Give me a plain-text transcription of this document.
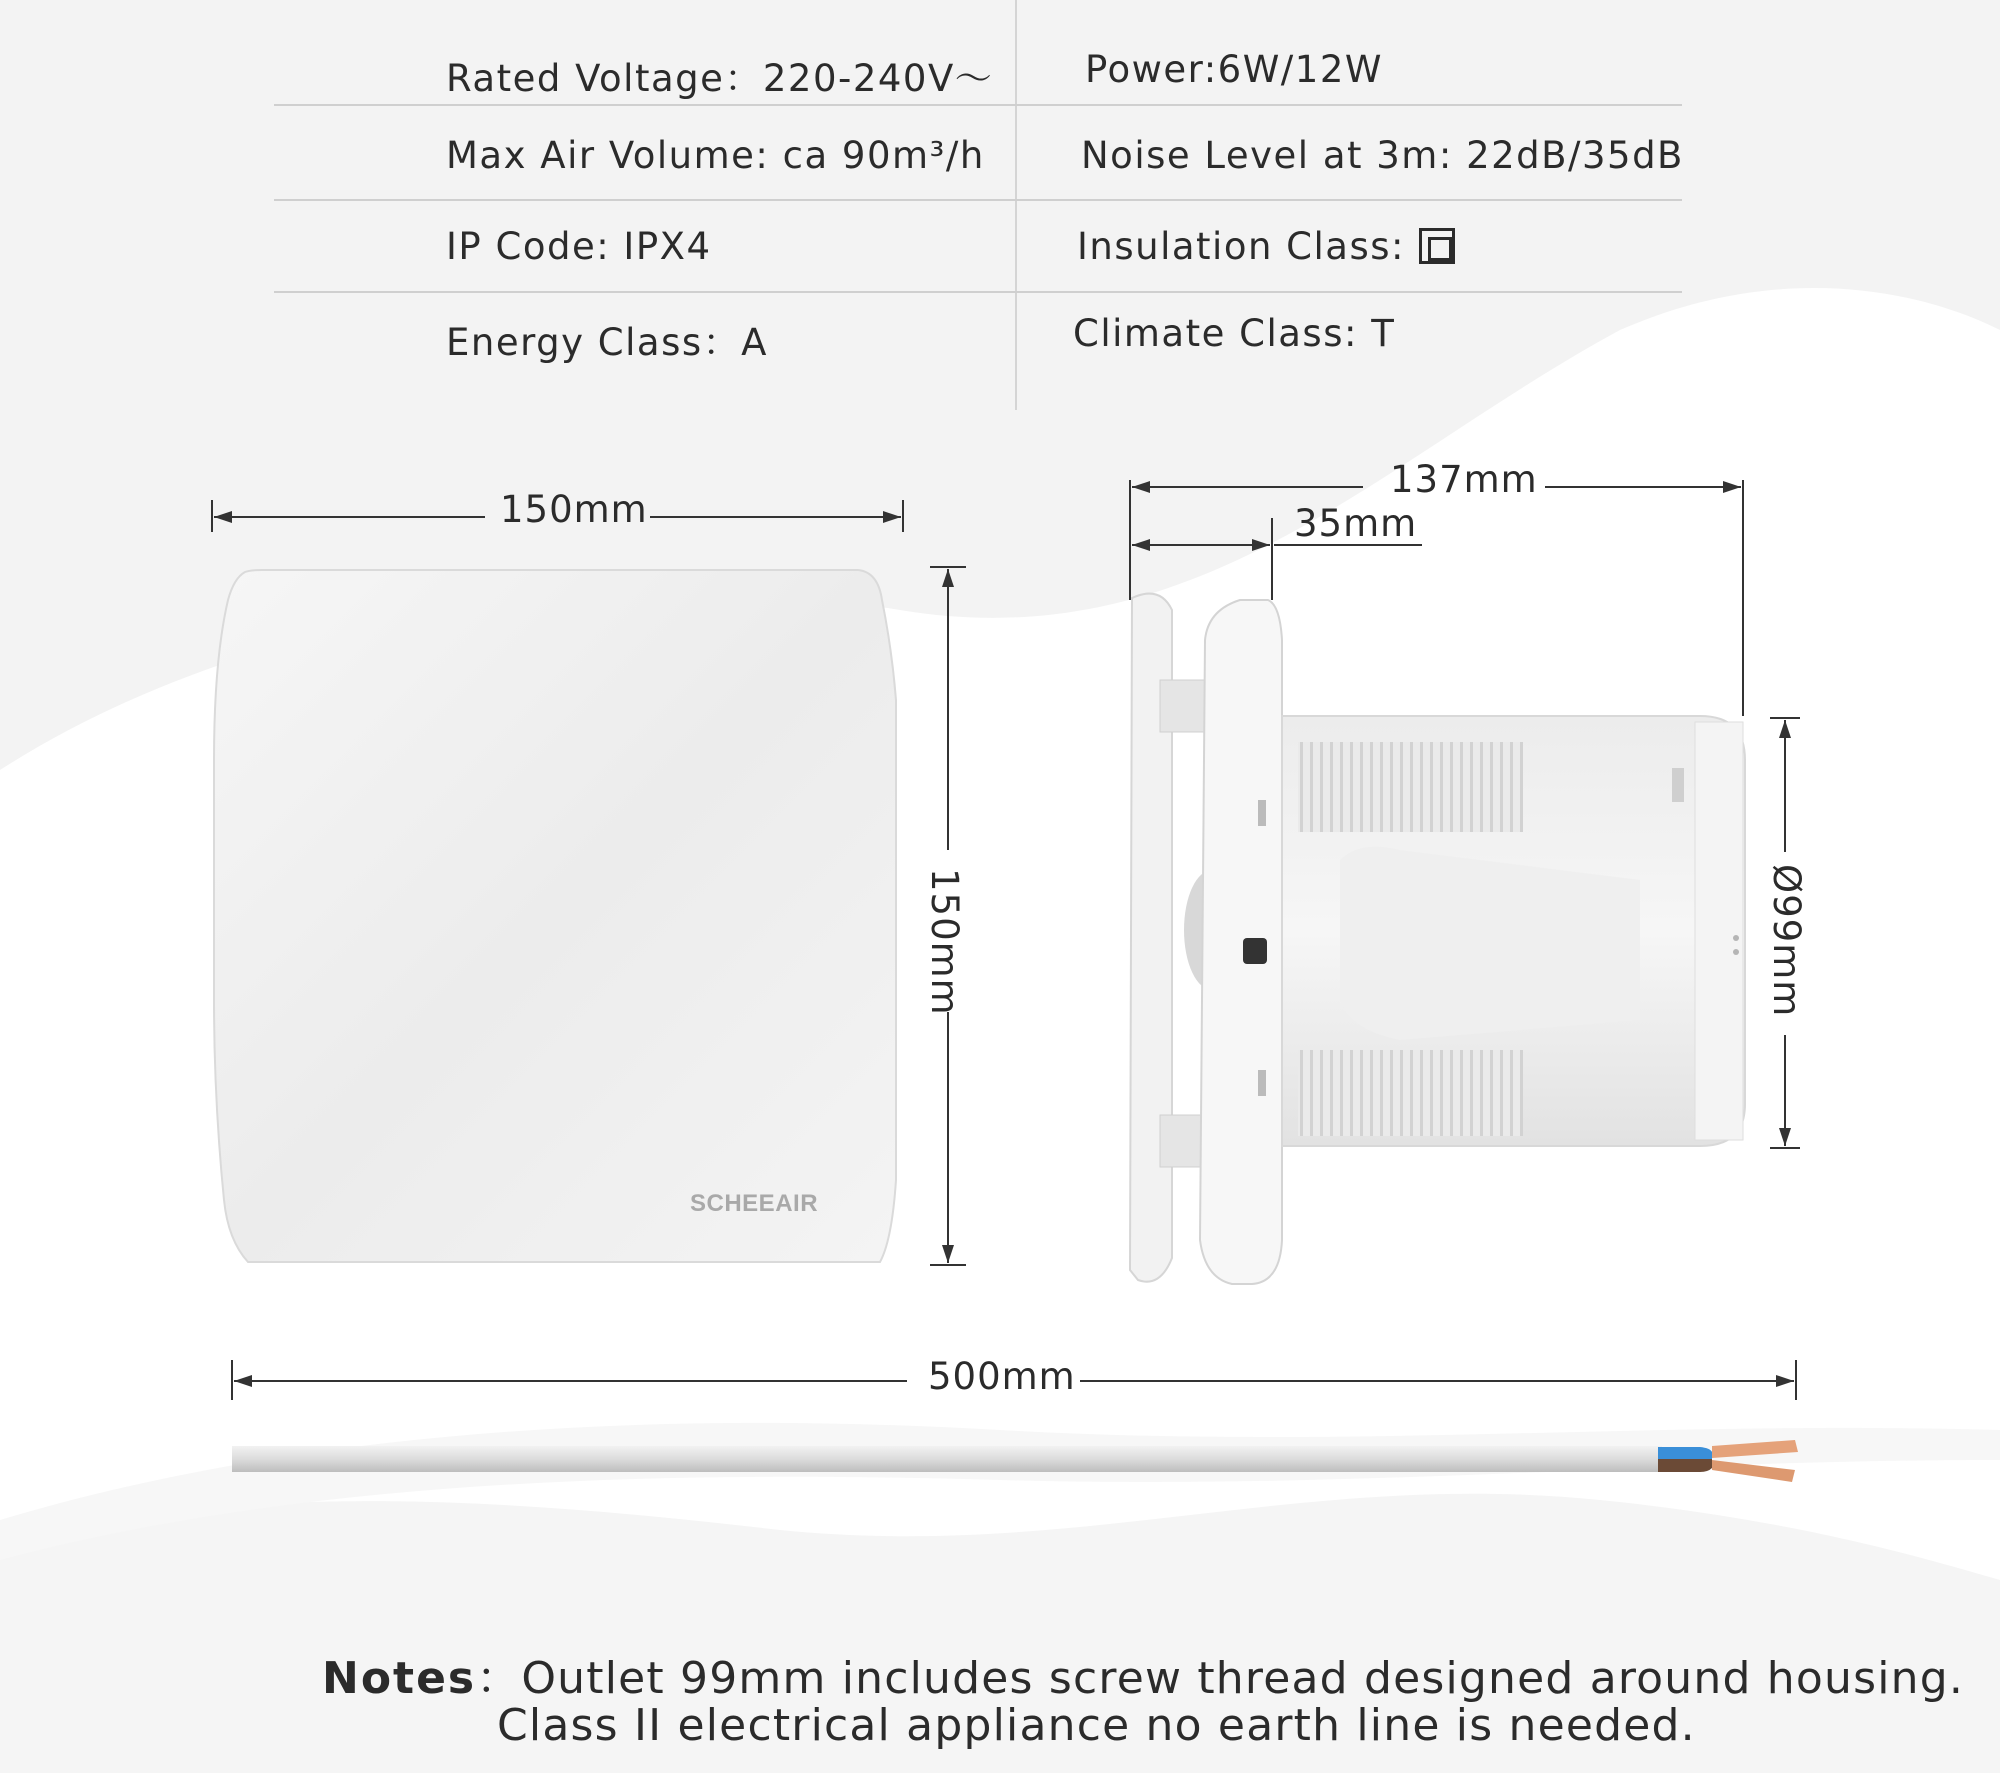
Rated Voltage：220-240V～ Power:6W/12W
Max Air Volume: ca 90m³/h	Noise Level at 3m: 22dB/35dB
IP Code: IPX4	Insulation Class:
Energy Class：A	Climate Class: T
150mm
150mm
137mm
35mm
Ø99mm
500mm
SCHEEAIR
Notes：Outlet 99mm includes screw thread designed around housing.
Class II electrical appliance no earth line is needed.
